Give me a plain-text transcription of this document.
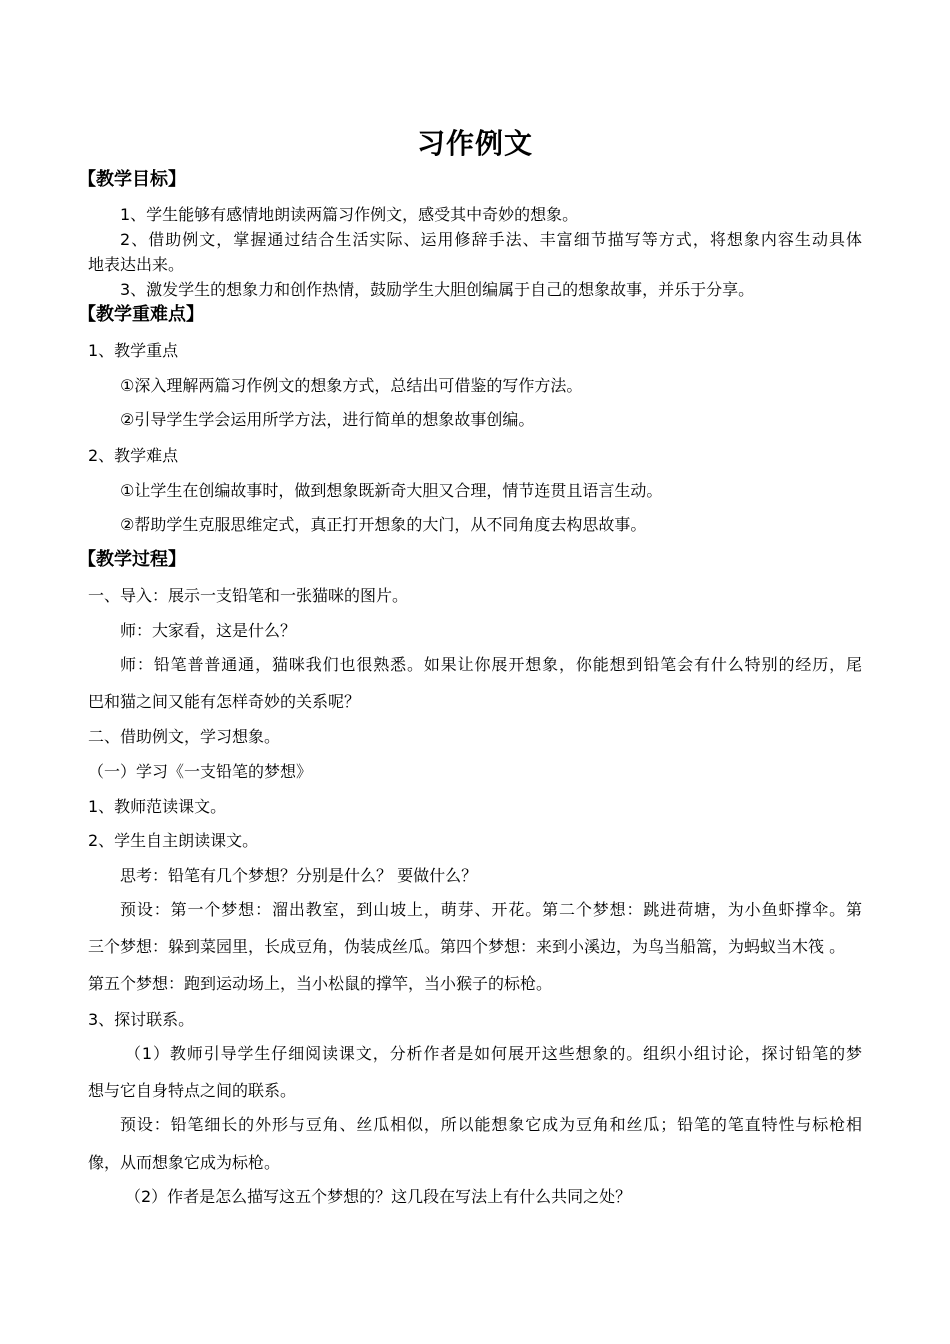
习作例文
【教学目标】
1、学生能够有感情地朗读两篇习作例文，感受其中奇妙的想象。
2、借助例文，掌握通过结合生活实际、运用修辞手法、丰富细节描写等方式，将想象内容生动具体
地表达出来。
3、激发学生的想象力和创作热情，鼓励学生大胆创编属于自己的想象故事，并乐于分享。
【教学重难点】
1、教学重点
①深入理解两篇习作例文的想象方式，总结出可借鉴的写作方法。
②引导学生学会运用所学方法，进行简单的想象故事创编。
2、教学难点
①让学生在创编故事时，做到想象既新奇大胆又合理，情节连贯且语言生动。
②帮助学生克服思维定式，真正打开想象的大门，从不同角度去构思故事。
【教学过程】
一、导入：展示一支铅笔和一张猫咪的图片。
师：大家看，这是什么？
师：铅笔普普通通，猫咪我们也很熟悉。如果让你展开想象，你能想到铅笔会有什么特别的经历，尾
巴和猫之间又能有怎样奇妙的关系呢？
二、借助例文，学习想象。
（一）学习《一支铅笔的梦想》
1、教师范读课文。
2、学生自主朗读课文。
思考：铅笔有几个梦想？分别是什么？ 要做什么？
预设：第一个梦想：溜出教室，到山坡上，萌芽、开花。第二个梦想：跳进荷塘，为小鱼虾撑伞。第
三个梦想：躲到菜园里，长成豆角，伪装成丝瓜。第四个梦想：来到小溪边，为鸟当船篙，为蚂蚁当木筏 。
第五个梦想：跑到运动场上，当小松鼠的撑竿，当小猴子的标枪。
3、探讨联系。
（1）教师引导学生仔细阅读课文，分析作者是如何展开这些想象的。组织小组讨论，探讨铅笔的梦
想与它自身特点之间的联系。
预设：铅笔细长的外形与豆角、丝瓜相似，所以能想象它成为豆角和丝瓜；铅笔的笔直特性与标枪相
像，从而想象它成为标枪。
（2）作者是怎么描写这五个梦想的？这几段在写法上有什么共同之处？
